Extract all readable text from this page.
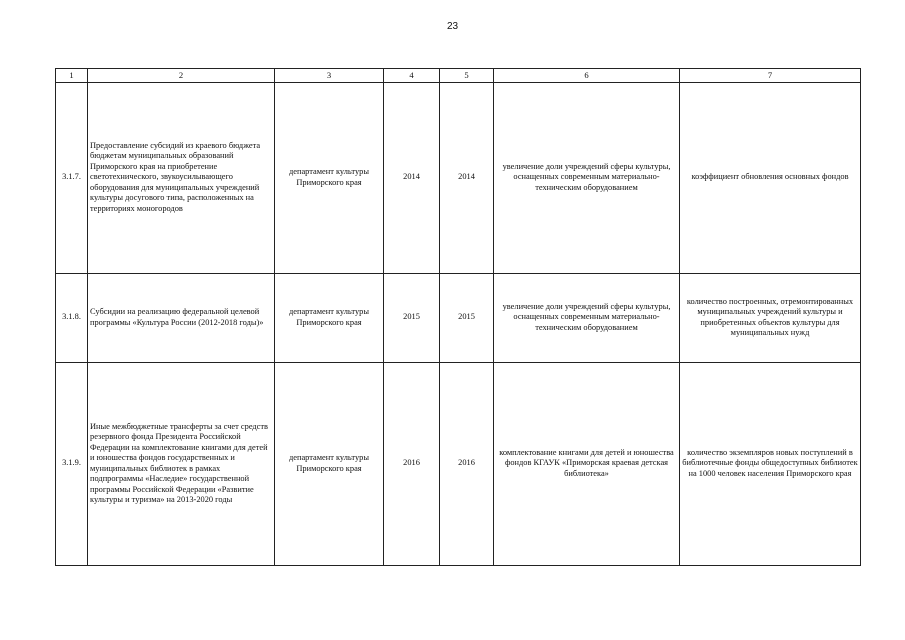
23
1	2	3	4	5	6	7
3.1.7.	Предоставление субсидий из краевого бюджета бюджетам муниципальных образований Приморского края на приобретение светотехнического, звукоусилывающего оборудования для муниципальных учреждений культуры досугового типа, расположенных на территориях моногородов	департамент культуры Приморского края	2014	2014	увеличение доли учреждений сферы культуры, оснащенных современным материально-техническим оборудованием	коэффициент обновления основных фондов
3.1.8.	Субсидии на реализацию федеральной целевой программы «Культура России (2012-2018 годы)»	департамент культуры Приморского края	2015	2015	увеличение доли учреждений сферы культуры, оснащенных современным материально-техническим оборудованием	количество построенных, отремонтированных муниципальных учреждений культуры и приобретенных объектов культуры для муниципальных нужд
3.1.9.	Иные межбюджетные трансферты за счет средств резервного фонда Президента Российской Федерации на комплектование книгами для детей и юношества фондов государственных и муниципальных библиотек в рамках подпрограммы «Наследие» государственной программы Российской Федерации «Развитие культуры и туризма» на 2013-2020 годы	департамент культуры Приморского края	2016	2016	комплектование книгами для детей и юношества фондов КГАУК «Приморская краевая детская библиотека»	количество экземпляров новых поступлений в библиотечные фонды общедоступных библиотек на 1000 человек населения Приморского края
